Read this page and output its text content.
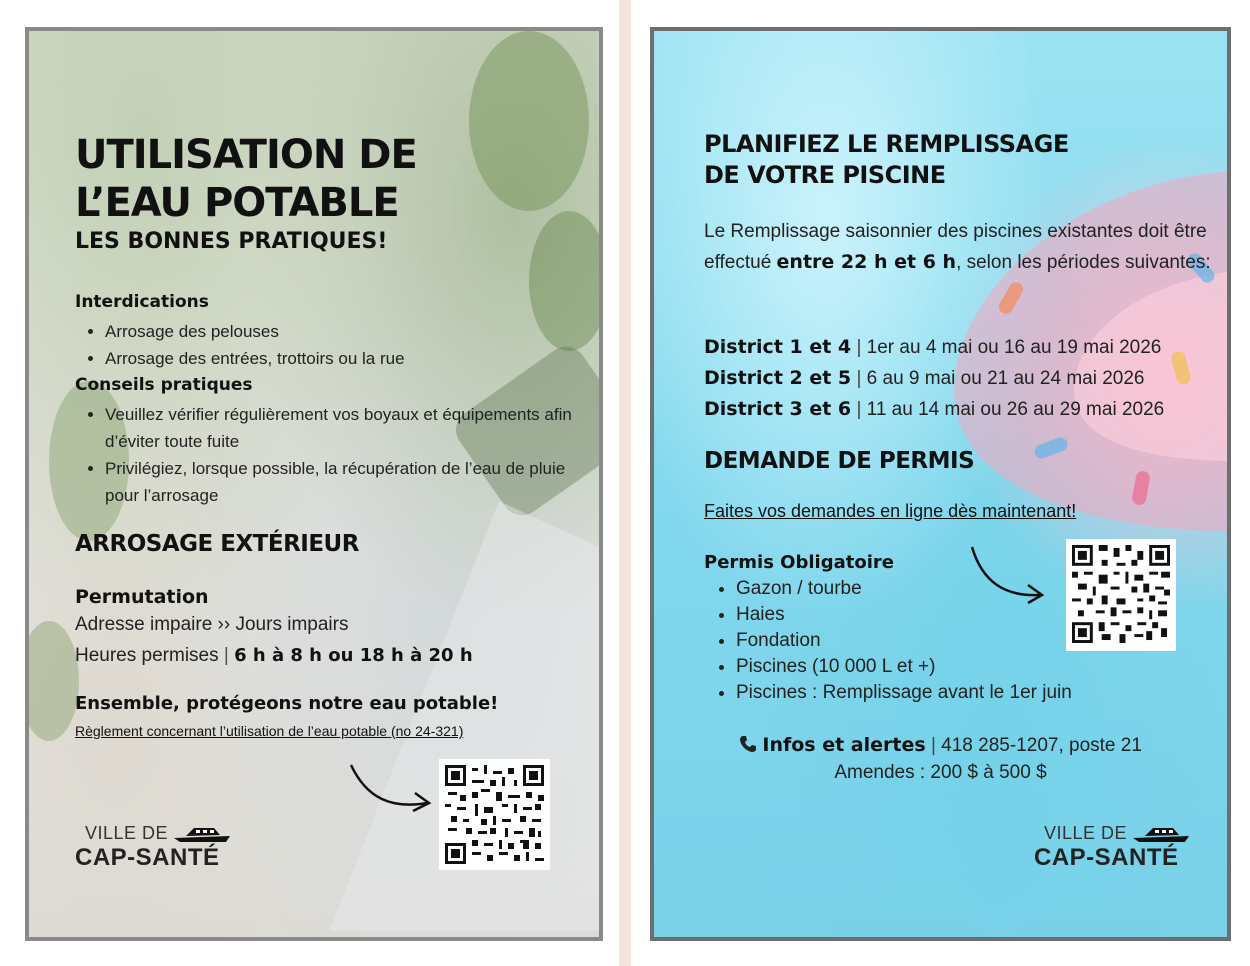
UTILISATION DE
L’EAU POTABLE
LES BONNES PRATIQUES!
Interdications
• Arrosage des pelouses
• Arrosage des entrées, trottoirs ou la rue
Conseils pratiques
• Veuillez vérifier régulièrement vos boyaux et équipements afin d’éviter toute fuite
• Privilégiez, lorsque possible, la récupération de l’eau de pluie pour l’arrosage
ARROSAGE EXTÉRIEUR
Permutation
Adresse impaire ›› Jours impairs
Heures permises | 6 h à 8 h ou 18 h à 20 h
Ensemble, protégeons notre eau potable!
Règlement concernant l’utilisation de l’eau potable (no 24-321)
VILLE DE
CAP-SANTÉ
PLANIFIEZ LE REMPLISSAGE
DE VOTRE PISCINE
Le Remplissage saisonnier des piscines existantes doit être effectué entre 22 h et 6 h, selon les périodes suivantes:
District 1 et 4 | 1er au 4 mai ou 16 au 19 mai 2026
District 2 et 5 | 6 au 9 mai ou 21 au 24 mai 2026
District 3 et 6 | 11 au 14 mai ou 26 au 29 mai 2026
DEMANDE DE PERMIS
Faites vos demandes en ligne dès maintenant!
Permis Obligatoire
• Gazon / tourbe
• Haies
• Fondation
• Piscines (10 000 L et +)
• Piscines : Remplissage avant le 1er juin
Infos et alertes | 418 285-1207, poste 21
Amendes : 200 $ à 500 $
VILLE DE
CAP-SANTÉ
